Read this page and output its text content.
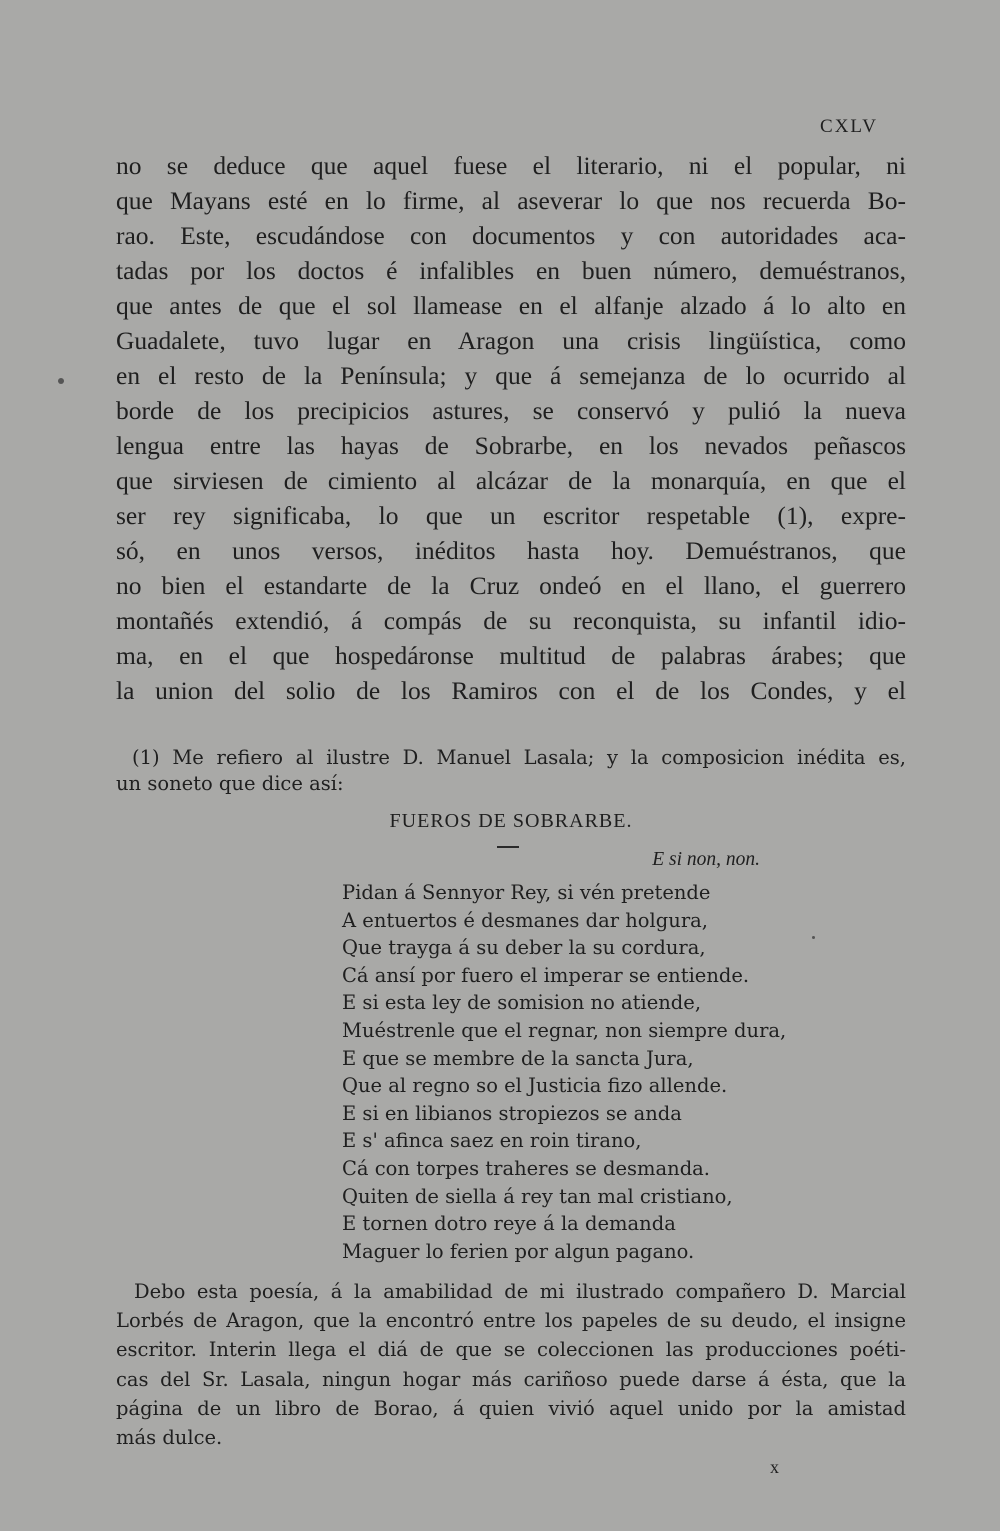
CXLV
no se deduce que aquel fuese el literario, ni el popular, ni
que Mayans esté en lo firme, al aseverar lo que nos recuerda Bo-
rao. Este, escudándose con documentos y con autoridades aca-
tadas por los doctos é infalibles en buen número, demuéstranos,
que antes de que el sol llamease en el alfanje alzado á lo alto en
Guadalete, tuvo lugar en Aragon una crisis lingüística, como
en el resto de la Península; y que á semejanza de lo ocurrido al
borde de los precipicios astures, se conservó y pulió la nueva
lengua entre las hayas de Sobrarbe, en los nevados peñascos
que sirviesen de cimiento al alcázar de la monarquía, en que el
ser rey significaba, lo que un escritor respetable (1), expre-
só, en unos versos, inéditos hasta hoy. Demuéstranos, que
no bien el estandarte de la Cruz ondeó en el llano, el guerrero
montañés extendió, á compás de su reconquista, su infantil idio-
ma, en el que hospedáronse multitud de palabras árabes; que
la union del solio de los Ramiros con el de los Condes, y el
(1) Me refiero al ilustre D. Manuel Lasala; y la composicion inédita es,
un soneto que dice así:
FUEROS DE SOBRARBE.
E si non, non.
Pidan á Sennyor Rey, si vén pretende
A entuertos é desmanes dar holgura,
Que trayga á su deber la su cordura,
Cá ansí por fuero el imperar se entiende.
E si esta ley de somision no atiende,
Muéstrenle que el regnar, non siempre dura,
E que se membre de la sancta Jura,
Que al regno so el Justicia fizo allende.
E si en libianos stropiezos se anda
E s' afinca saez en roin tirano,
Cá con torpes traheres se desmanda.
Quiten de siella á rey tan mal cristiano,
E tornen dotro reye á la demanda
Maguer lo ferien por algun pagano.
Debo esta poesía, á la amabilidad de mi ilustrado compañero D. Marcial
Lorbés de Aragon, que la encontró entre los papeles de su deudo, el insigne
escritor. Interin llega el diá de que se coleccionen las producciones poéti-
cas del Sr. Lasala, ningun hogar más cariñoso puede darse á ésta, que la
página de un libro de Borao, á quien vivió aquel unido por la amistad
más dulce.
x
